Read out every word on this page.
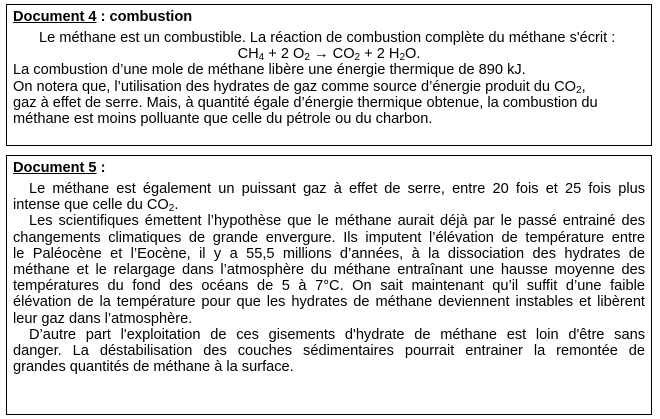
Document 4 : combustion
Le méthane est un combustible. La réaction de combustion complète du méthane s'écrit :
$CH_4 + 2$ $O_2 \to CO_2 + 2$ $H_2O$.
La combustion d’une mole de méthane libère une énergie thermique de 890 kJ.
On notera que, l’utilisation des hydrates de gaz comme source d’énergie produit du $CO_2$,
gaz à effet de serre. Mais, à quantité égale d’énergie thermique obtenue, la combustion du
méthane est moins polluante que celle du pétrole ou du charbon.
Document 5 :
Le méthane est également un puissant gaz à effet de serre, entre 20 fois et 25 fois plus
intense que celle du $CO_2$.
Les scientifiques émettent l’hypothèse que le méthane aurait déjà par le passé entrainé des
changements climatiques de grande envergure. Ils imputent l’élévation de température entre
le Paléocène et l’Eocène, il y a 55,5 millions d’années, à la dissociation des hydrates de
méthane et le relargage dans l’atmosphère du méthane entraînant une hausse moyenne des
températures du fond des océans de 5 à 7°C. On sait maintenant qu’il suffit d’une faible
élévation de la température pour que les hydrates de méthane deviennent instables et libèrent
leur gaz dans l’atmosphère.
D’autre part l'exploitation de ces gisements d'hydrate de méthane est loin d'être sans
danger. La déstabilisation des couches sédimentaires pourrait entrainer la remontée de
grandes quantités de méthane à la surface.
